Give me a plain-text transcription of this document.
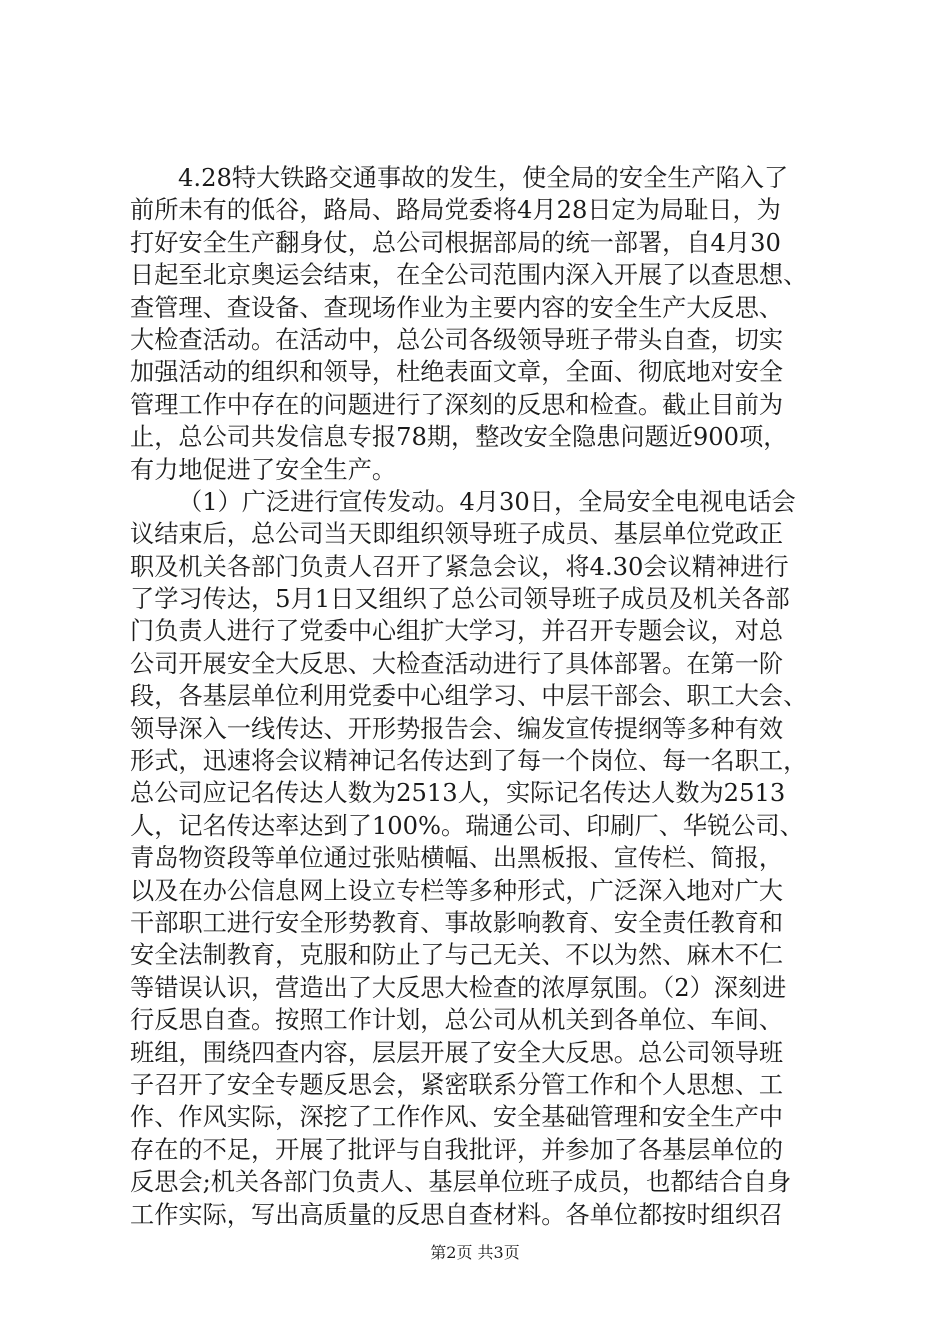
4.28特大铁路交通事故的发生，使全局的安全生产陷入了
前所未有的低谷，路局、路局党委将4月28日定为局耻日，为
打好安全生产翻身仗，总公司根据部局的统一部署，自4月30
日起至北京奥运会结束，在全公司范围内深入开展了以查思想、
查管理、查设备、查现场作业为主要内容的安全生产大反思、
大检查活动。在活动中，总公司各级领导班子带头自查，切实
加强活动的组织和领导，杜绝表面文章，全面、彻底地对安全
管理工作中存在的问题进行了深刻的反思和检查。截止目前为
止，总公司共发信息专报78期，整改安全隐患问题近900项，
有力地促进了安全生产。
（1）广泛进行宣传发动。4月30日，全局安全电视电话会
议结束后，总公司当天即组织领导班子成员、基层单位党政正
职及机关各部门负责人召开了紧急会议，将4.30会议精神进行
了学习传达，5月1日又组织了总公司领导班子成员及机关各部
门负责人进行了党委中心组扩大学习，并召开专题会议，对总
公司开展安全大反思、大检查活动进行了具体部署。在第一阶
段，各基层单位利用党委中心组学习、中层干部会、职工大会、
领导深入一线传达、开形势报告会、编发宣传提纲等多种有效
形式，迅速将会议精神记名传达到了每一个岗位、每一名职工，
总公司应记名传达人数为2513人，实际记名传达人数为2513
人，记名传达率达到了100%。瑞通公司、印刷厂、华锐公司、
青岛物资段等单位通过张贴横幅、出黑板报、宣传栏、简报，
以及在办公信息网上设立专栏等多种形式，广泛深入地对广大
干部职工进行安全形势教育、事故影响教育、安全责任教育和
安全法制教育，克服和防止了与己无关、不以为然、麻木不仁
等错误认识，营造出了大反思大检查的浓厚氛围。（2）深刻进
行反思自查。按照工作计划，总公司从机关到各单位、车间、
班组，围绕四查内容，层层开展了安全大反思。总公司领导班
子召开了安全专题反思会，紧密联系分管工作和个人思想、工
作、作风实际，深挖了工作作风、安全基础管理和安全生产中
存在的不足，开展了批评与自我批评，并参加了各基层单位的
反思会;机关各部门负责人、基层单位班子成员，也都结合自身
工作实际，写出高质量的反思自查材料。各单位都按时组织召
第2页 共3页
